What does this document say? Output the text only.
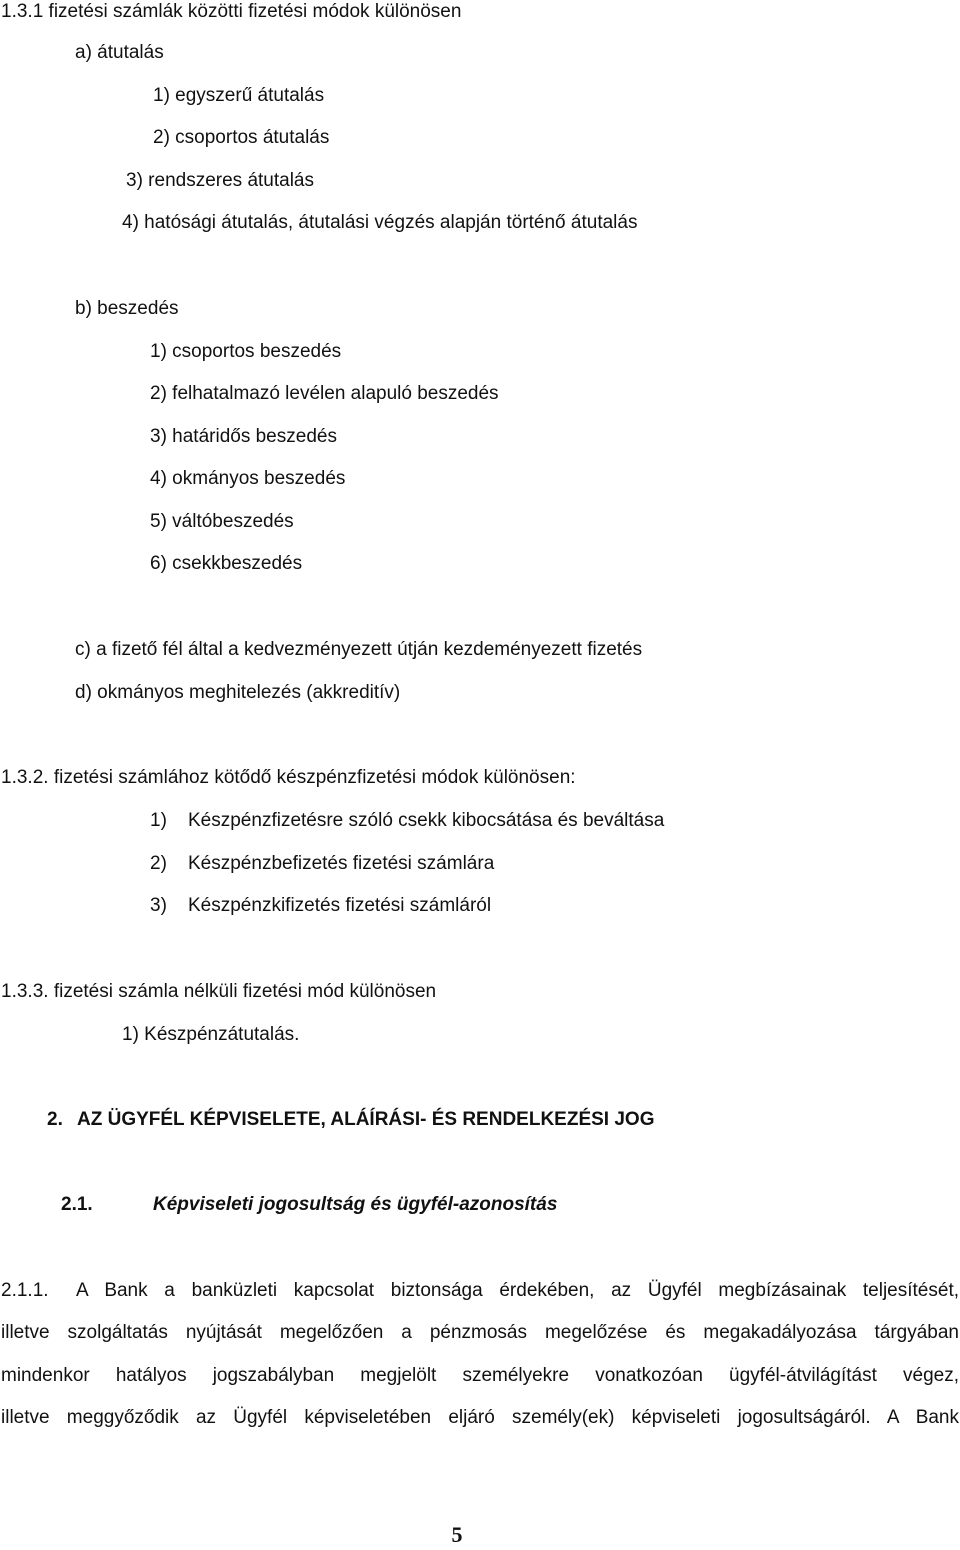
1.3.1 fizetési számlák közötti fizetési módok különösen
a) átutalás
1) egyszerű átutalás
2) csoportos átutalás
3) rendszeres átutalás
4) hatósági átutalás, átutalási végzés alapján történő átutalás
b) beszedés
1) csoportos beszedés
2) felhatalmazó levélen alapuló beszedés
3) határidős beszedés
4) okmányos beszedés
5) váltóbeszedés
6) csekkbeszedés
c) a fizető fél által a kedvezményezett útján kezdeményezett fizetés
d) okmányos meghitelezés (akkreditív)
1.3.2. fizetési számlához kötődő készpénzfizetési módok különösen:
1) Készpénzfizetésre szóló csekk kibocsátása és beváltása
2) Készpénzbefizetés fizetési számlára
3) Készpénzkifizetés fizetési számláról
1.3.3. fizetési számla nélküli fizetési mód különösen
1) Készpénzátutalás.
2. AZ ÜGYFÉL KÉPVISELETE, ALÁÍRÁSI- ÉS RENDELKEZÉSI JOG
2.1.	Képviseleti jogosultság és ügyfél-azonosítás
2.1.1. A Bank a banküzleti kapcsolat biztonsága érdekében, az Ügyfél megbízásainak teljesítését,
illetve szolgáltatás nyújtását megelőzően a pénzmosás megelőzése és megakadályozása tárgyában
mindenkor hatályos jogszabályban megjelölt személyekre vonatkozóan ügyfél-átvilágítást végez,
illetve meggyőződik az Ügyfél képviseletében eljáró személy(ek) képviseleti jogosultságáról. A Bank
5
